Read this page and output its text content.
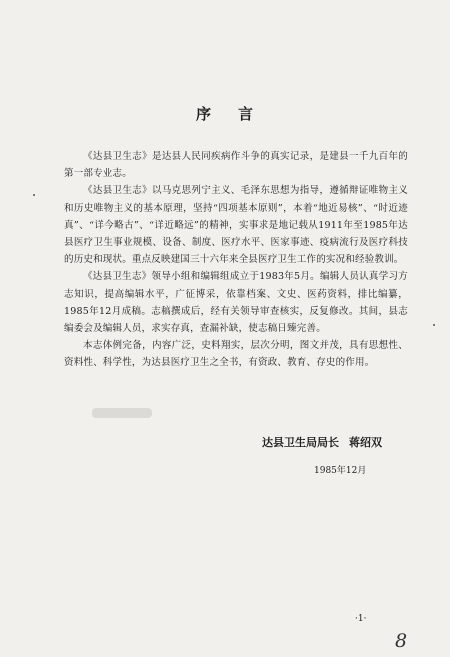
序 言

《达县卫生志》是达县人民同疾病作斗争的真实记录，是建县一千九百年的第一部专业志。

《达县卫生志》以马克思列宁主义、毛泽东思想为指导，遵循辩证唯物主义和历史唯物主义的基本原理，坚持“四项基本原则”，本着“地近易核”、“时近迹真”、“详今略古”、“详近略远”的精神，实事求是地记载从1911年至1985年达县医疗卫生事业规模、设备、制度、医疗水平、医家事迹、疫病流行及医疗科技的历史和现状。重点反映建国三十六年来全县医疗卫生工作的实况和经验教训。

《达县卫生志》领导小组和编辑组成立于1983年5月。编辑人员认真学习方志知识，提高编辑水平，广征博采，依靠档案、文史、医药资料，排比编纂，1985年12月成稿。志稿撰成后，经有关领导审查核实，反复修改。其间，县志编委会及编辑人员，求实存真，查漏补缺，使志稿日臻完善。

本志体例完备，内容广泛，史料翔实，层次分明，图文并茂，具有思想性、资料性、科学性，为达县医疗卫生之全书，有资政、教育、存史的作用。

达县卫生局局长 蒋绍双
1985年12月
·1·
8
